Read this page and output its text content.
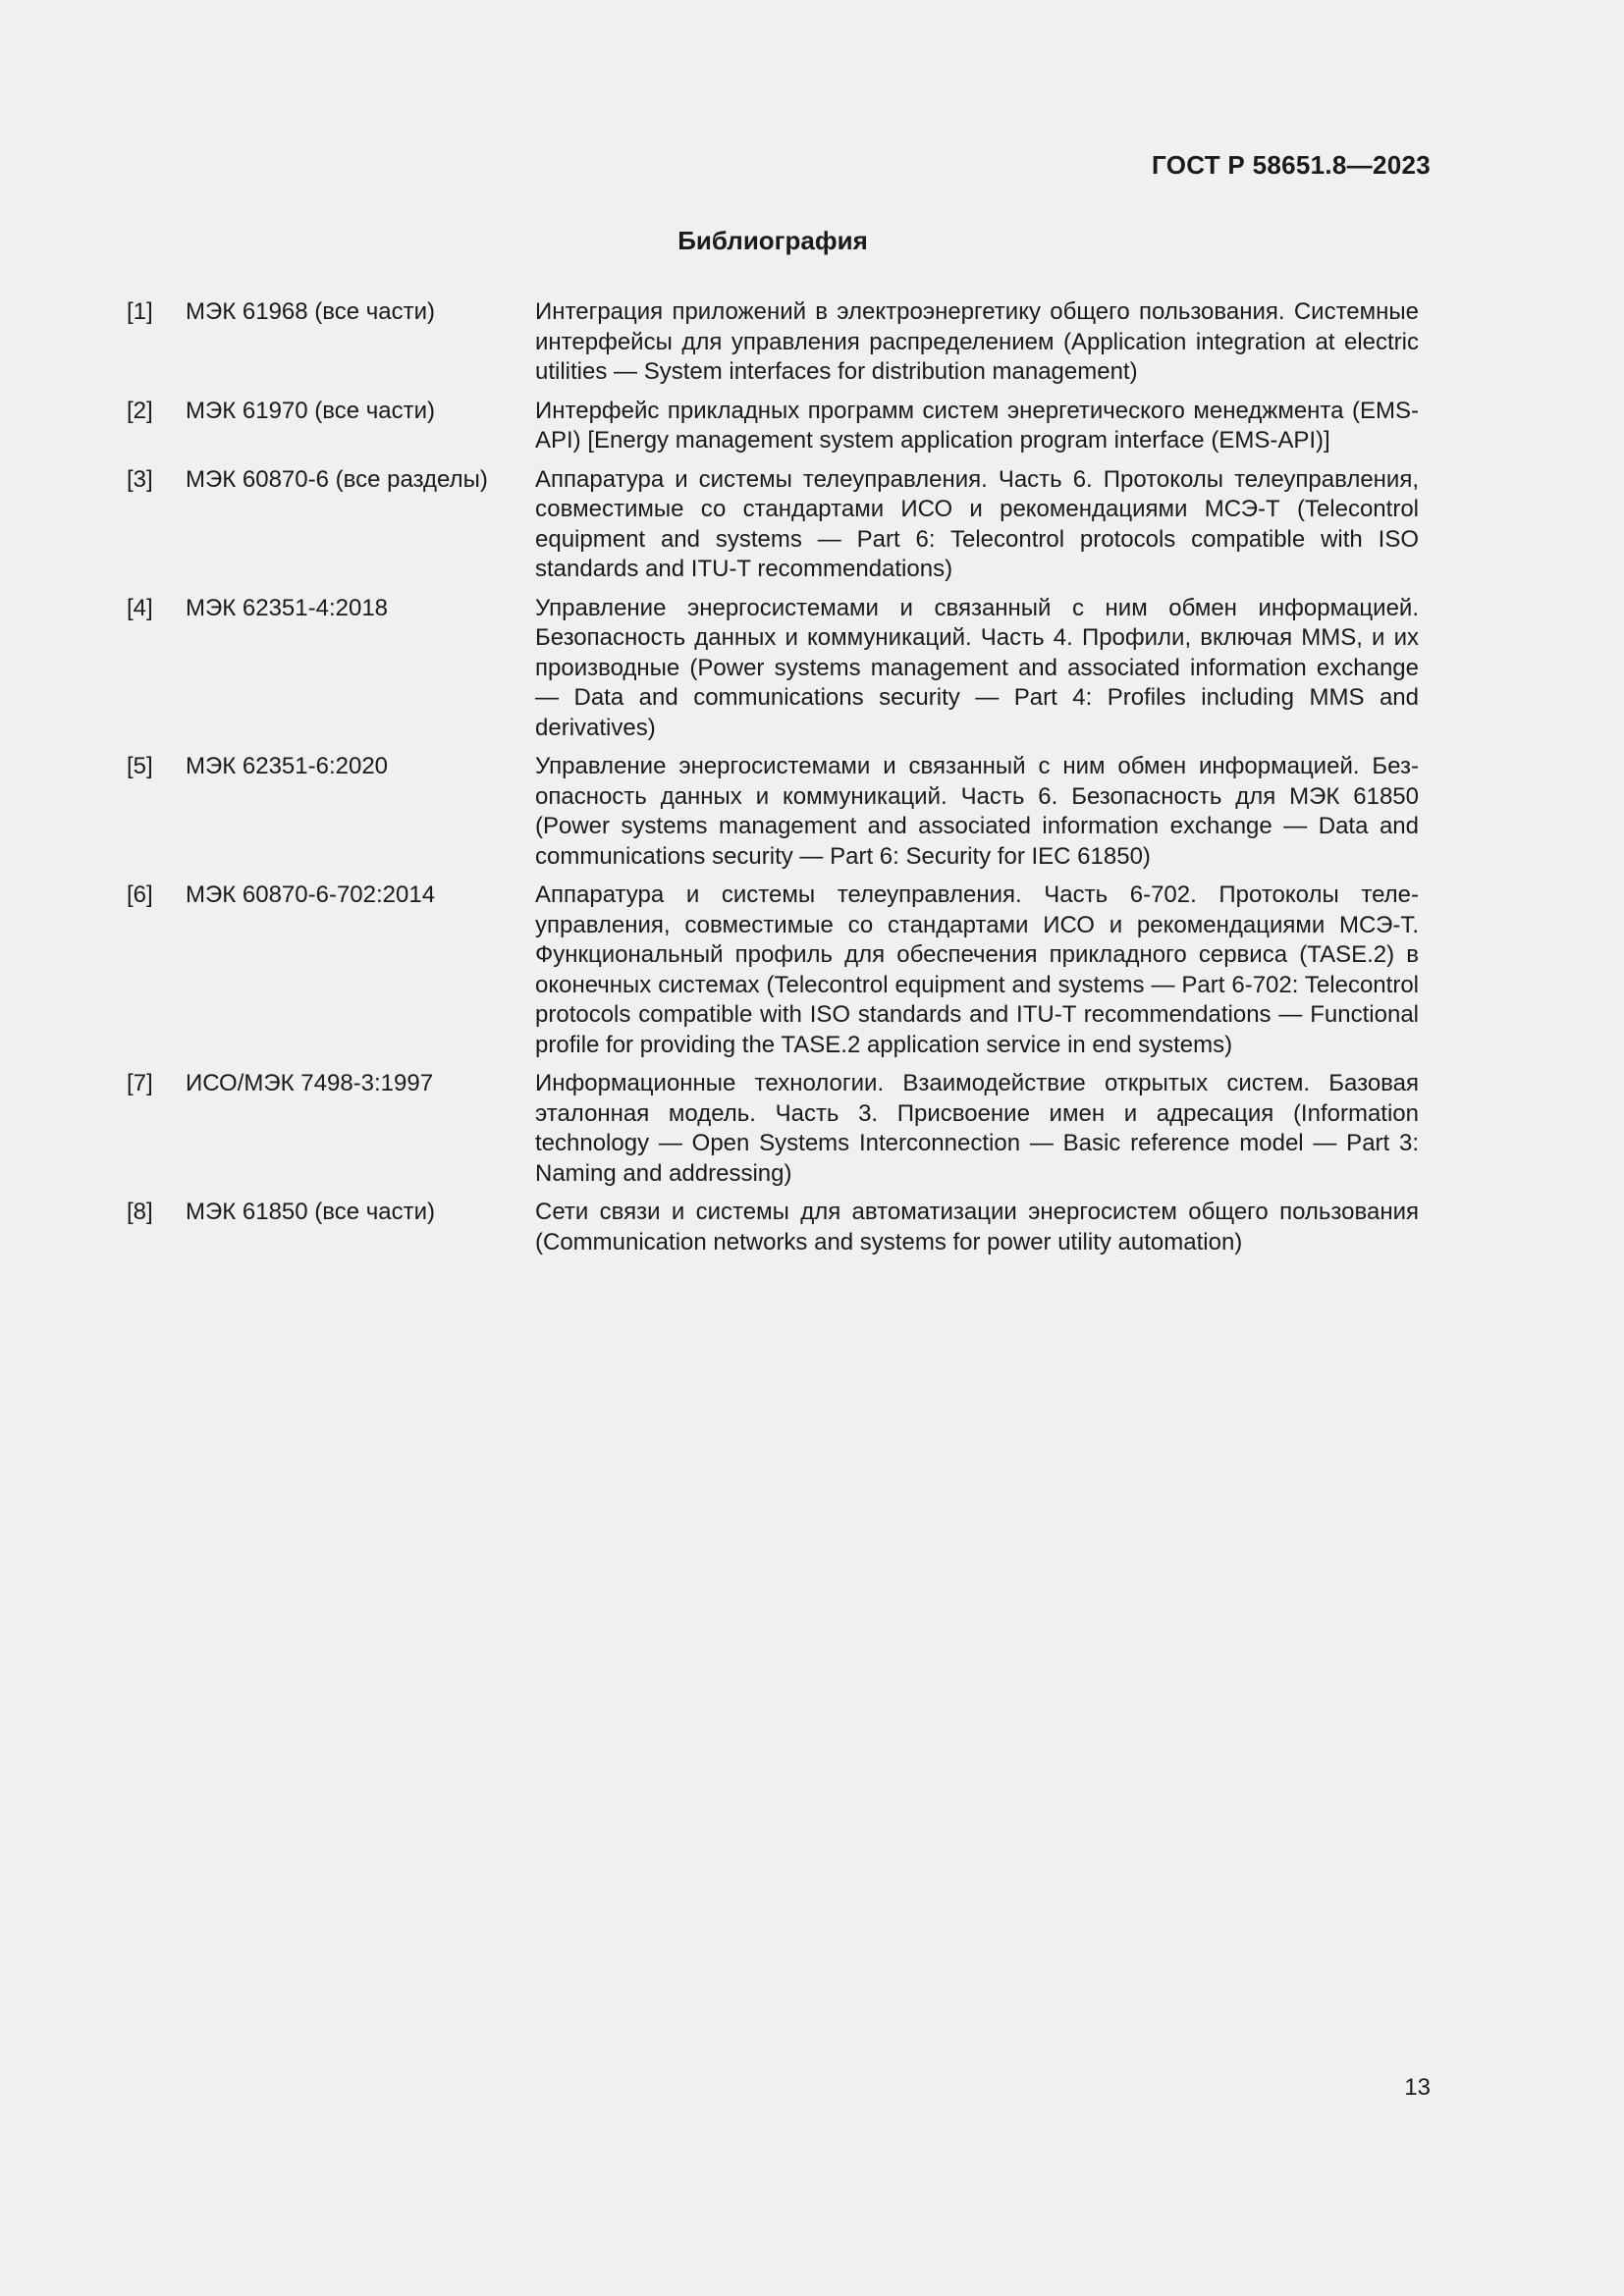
ГОСТ Р 58651.8—2023
Библиография
[1]	МЭК 61968 (все части)	Интеграция приложений в электроэнергетику общего пользования. Системные интерфейсы для управления распределением (Application integration at electric utilities — System interfaces for distribution management)
[2]	МЭК 61970 (все части)	Интерфейс прикладных программ систем энергетического менеджмента (EMS-API) [Energy management system application program interface (EMS-API)]
[3]	МЭК 60870-6 (все разделы)	Аппаратура и системы телеуправления. Часть 6. Протоколы телеуправления, совместимые со стандартами ИСО и рекомендациями МСЭ-Т (Telecontrol equipment and systems — Part 6: Telecontrol protocols compatible with ISO standards and ITU-T recommendations)
[4]	МЭК 62351-4:2018	Управление энергосистемами и связанный с ним обмен информацией. Безопасность данных и коммуникаций. Часть 4. Профили, включая MMS, и их производные (Power systems management and associated information exchange — Data and communications security — Part 4: Profiles including MMS and derivatives)
[5]	МЭК 62351-6:2020	Управление энергосистемами и связанный с ним обмен информацией. Безопасность данных и коммуникаций. Часть 6. Безопасность для МЭК 61850 (Power systems management and associated information exchange — Data and communications security — Part 6: Security for IEC 61850)
[6]	МЭК 60870-6-702:2014	Аппаратура и системы телеуправления. Часть 6-702. Протоколы телеуправления, совместимые со стандартами ИСО и рекомендациями МСЭ-Т. Функциональный профиль для обеспечения прикладного сервиса (TASE.2) в оконечных системах (Telecontrol equipment and systems — Part 6-702: Telecontrol protocols compatible with ISO standards and ITU-T recommendations — Functional profile for providing the TASE.2 application service in end systems)
[7]	ИСО/МЭК 7498-3:1997	Информационные технологии. Взаимодействие открытых систем. Базовая эталонная модель. Часть 3. Присвоение имен и адресация (Information technology — Open Systems Interconnection — Basic reference model — Part 3: Naming and addressing)
[8]	МЭК 61850 (все части)	Сети связи и системы для автоматизации энергосистем общего пользования (Communication networks and systems for power utility automation)
13
